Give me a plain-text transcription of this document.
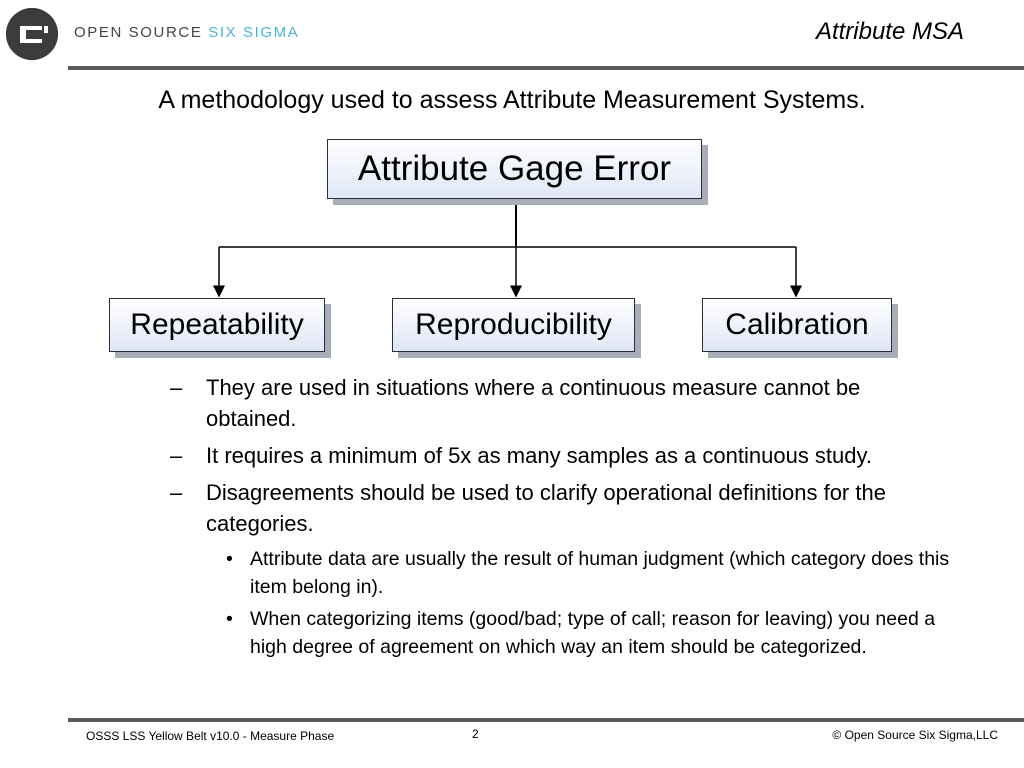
OPEN SOURCE SIX SIGMA	Attribute MSA
A methodology used to assess Attribute Measurement Systems.
Attribute Gage Error
Repeatability	Reproducibility	Calibration
– They are used in situations where a continuous measure cannot be obtained.
– It requires a minimum of 5x as many samples as a continuous study.
– Disagreements should be used to clarify operational definitions for the categories.
• Attribute data are usually the result of human judgment (which category does this item belong in).
• When categorizing items (good/bad; type of call; reason for leaving) you need a high degree of agreement on which way an item should be categorized.
OSSS LSS Yellow Belt v10.0 - Measure Phase	2	© Open Source Six Sigma,LLC
